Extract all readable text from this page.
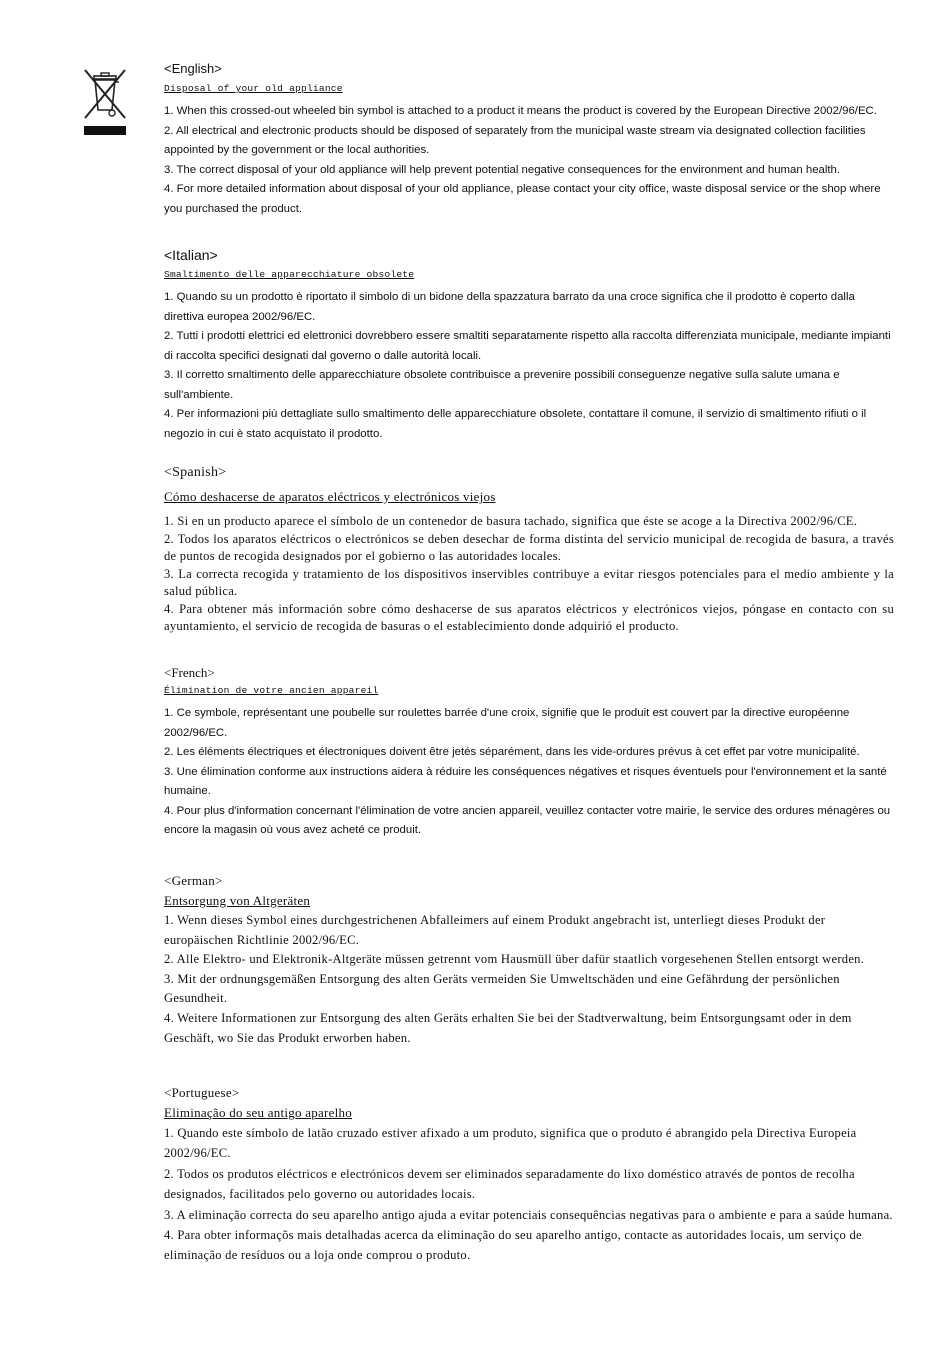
<English>
Disposal of your old appliance

1. When this crossed-out wheeled bin symbol is attached to a product it means the product is covered by the European Directive 2002/96/EC.

2. All electrical and electronic products should be disposed of separately from the municipal waste stream via designated collection facilities appointed by the government or the local authorities.

3. The correct disposal of your old appliance will help prevent potential negative consequences for the environment and human health.

4. For more detailed information about disposal of your old appliance, please contact your city office, waste disposal service or the shop where you purchased the product.

<Italian>
Smaltimento delle apparecchiature obsolete

1. Quando su un prodotto è riportato il simbolo di un bidone della spazzatura barrato da una croce significa che il prodotto è coperto dalla direttiva europea 2002/96/EC.

2. Tutti i prodotti elettrici ed elettronici dovrebbero essere smaltiti separatamente rispetto alla raccolta differenziata municipale, mediante impianti di raccolta specifici designati dal governo o dalle autorità locali.

3. Il corretto smaltimento delle apparecchiature obsolete contribuisce a prevenire possibili conseguenze negative sulla salute umana e sull'ambiente.

4. Per informazioni più dettagliate sullo smaltimento delle apparecchiature obsolete, contattare il comune, il servizio di smaltimento rifiuti o il negozio in cui è stato acquistato il prodotto.

<Spanish>
Cómo deshacerse de aparatos eléctricos y electrónicos viejos

1. Si en un producto aparece el símbolo de un contenedor de basura tachado, significa que éste se acoge a la Directiva 2002/96/CE.

2. Todos los aparatos eléctricos o electrónicos se deben desechar de forma distinta del servicio municipal de recogida de basura, a través de puntos de recogida designados por el gobierno o las autoridades locales.

3. La correcta recogida y tratamiento de los dispositivos inservibles contribuye a evitar riesgos potenciales para el medio ambiente y la salud pública.

4. Para obtener más información sobre cómo deshacerse de sus aparatos eléctricos y electrónicos viejos, póngase en contacto con su ayuntamiento, el servicio de recogida de basuras o el establecimiento donde adquirió el producto.

<French>
Élimination de votre ancien appareil

1. Ce symbole, représentant une poubelle sur roulettes barrée d'une croix, signifie que le produit est couvert par la directive européenne 2002/96/EC.

2. Les éléments électriques et électroniques doivent être jetés séparément, dans les vide-ordures prévus à cet effet par votre municipalité.

3. Une élimination conforme aux instructions aidera à réduire les conséquences négatives et risques éventuels pour l'environnement et la santé humaine.

4. Pour plus d'information concernant l'élimination de votre ancien appareil, veuillez contacter votre mairie, le service des ordures ménagères ou encore la magasin où vous avez acheté ce produit.

<German>
Entsorgung von Altgeräten

1. Wenn dieses Symbol eines durchgestrichenen Abfalleimers auf einem Produkt angebracht ist, unterliegt dieses Produkt der europäischen Richtlinie 2002/96/EC.

2. Alle Elektro- und Elektronik-Altgeräte müssen getrennt vom Hausmüll über dafür staatlich vorgesehenen Stellen entsorgt werden.

3. Mit der ordnungsgemäßen Entsorgung des alten Geräts vermeiden Sie Umweltschäden und eine Gefährdung der persönlichen Gesundheit.

4. Weitere Informationen zur Entsorgung des alten Geräts erhalten Sie bei der Stadtverwaltung, beim Entsorgungsamt oder in dem Geschäft, wo Sie das Produkt erworben haben.

<Portuguese>
Eliminação do seu antigo aparelho

1. Quando este símbolo de latão cruzado estiver afixado a um produto, significa que o produto é abrangido pela Directiva Europeia 2002/96/EC.

2. Todos os produtos eléctricos e electrónicos devem ser eliminados separadamente do lixo doméstico através de pontos de recolha designados, facilitados pelo governo ou autoridades locais.

3. A eliminação correcta do seu aparelho antigo ajuda a evitar potenciais consequências negativas para o ambiente e para a saúde humana.

4. Para obter informaçõs mais detalhadas acerca da eliminação do seu aparelho antigo, contacte as autoridades locais, um serviço de eliminação de resíduos ou a loja onde comprou o produto.
